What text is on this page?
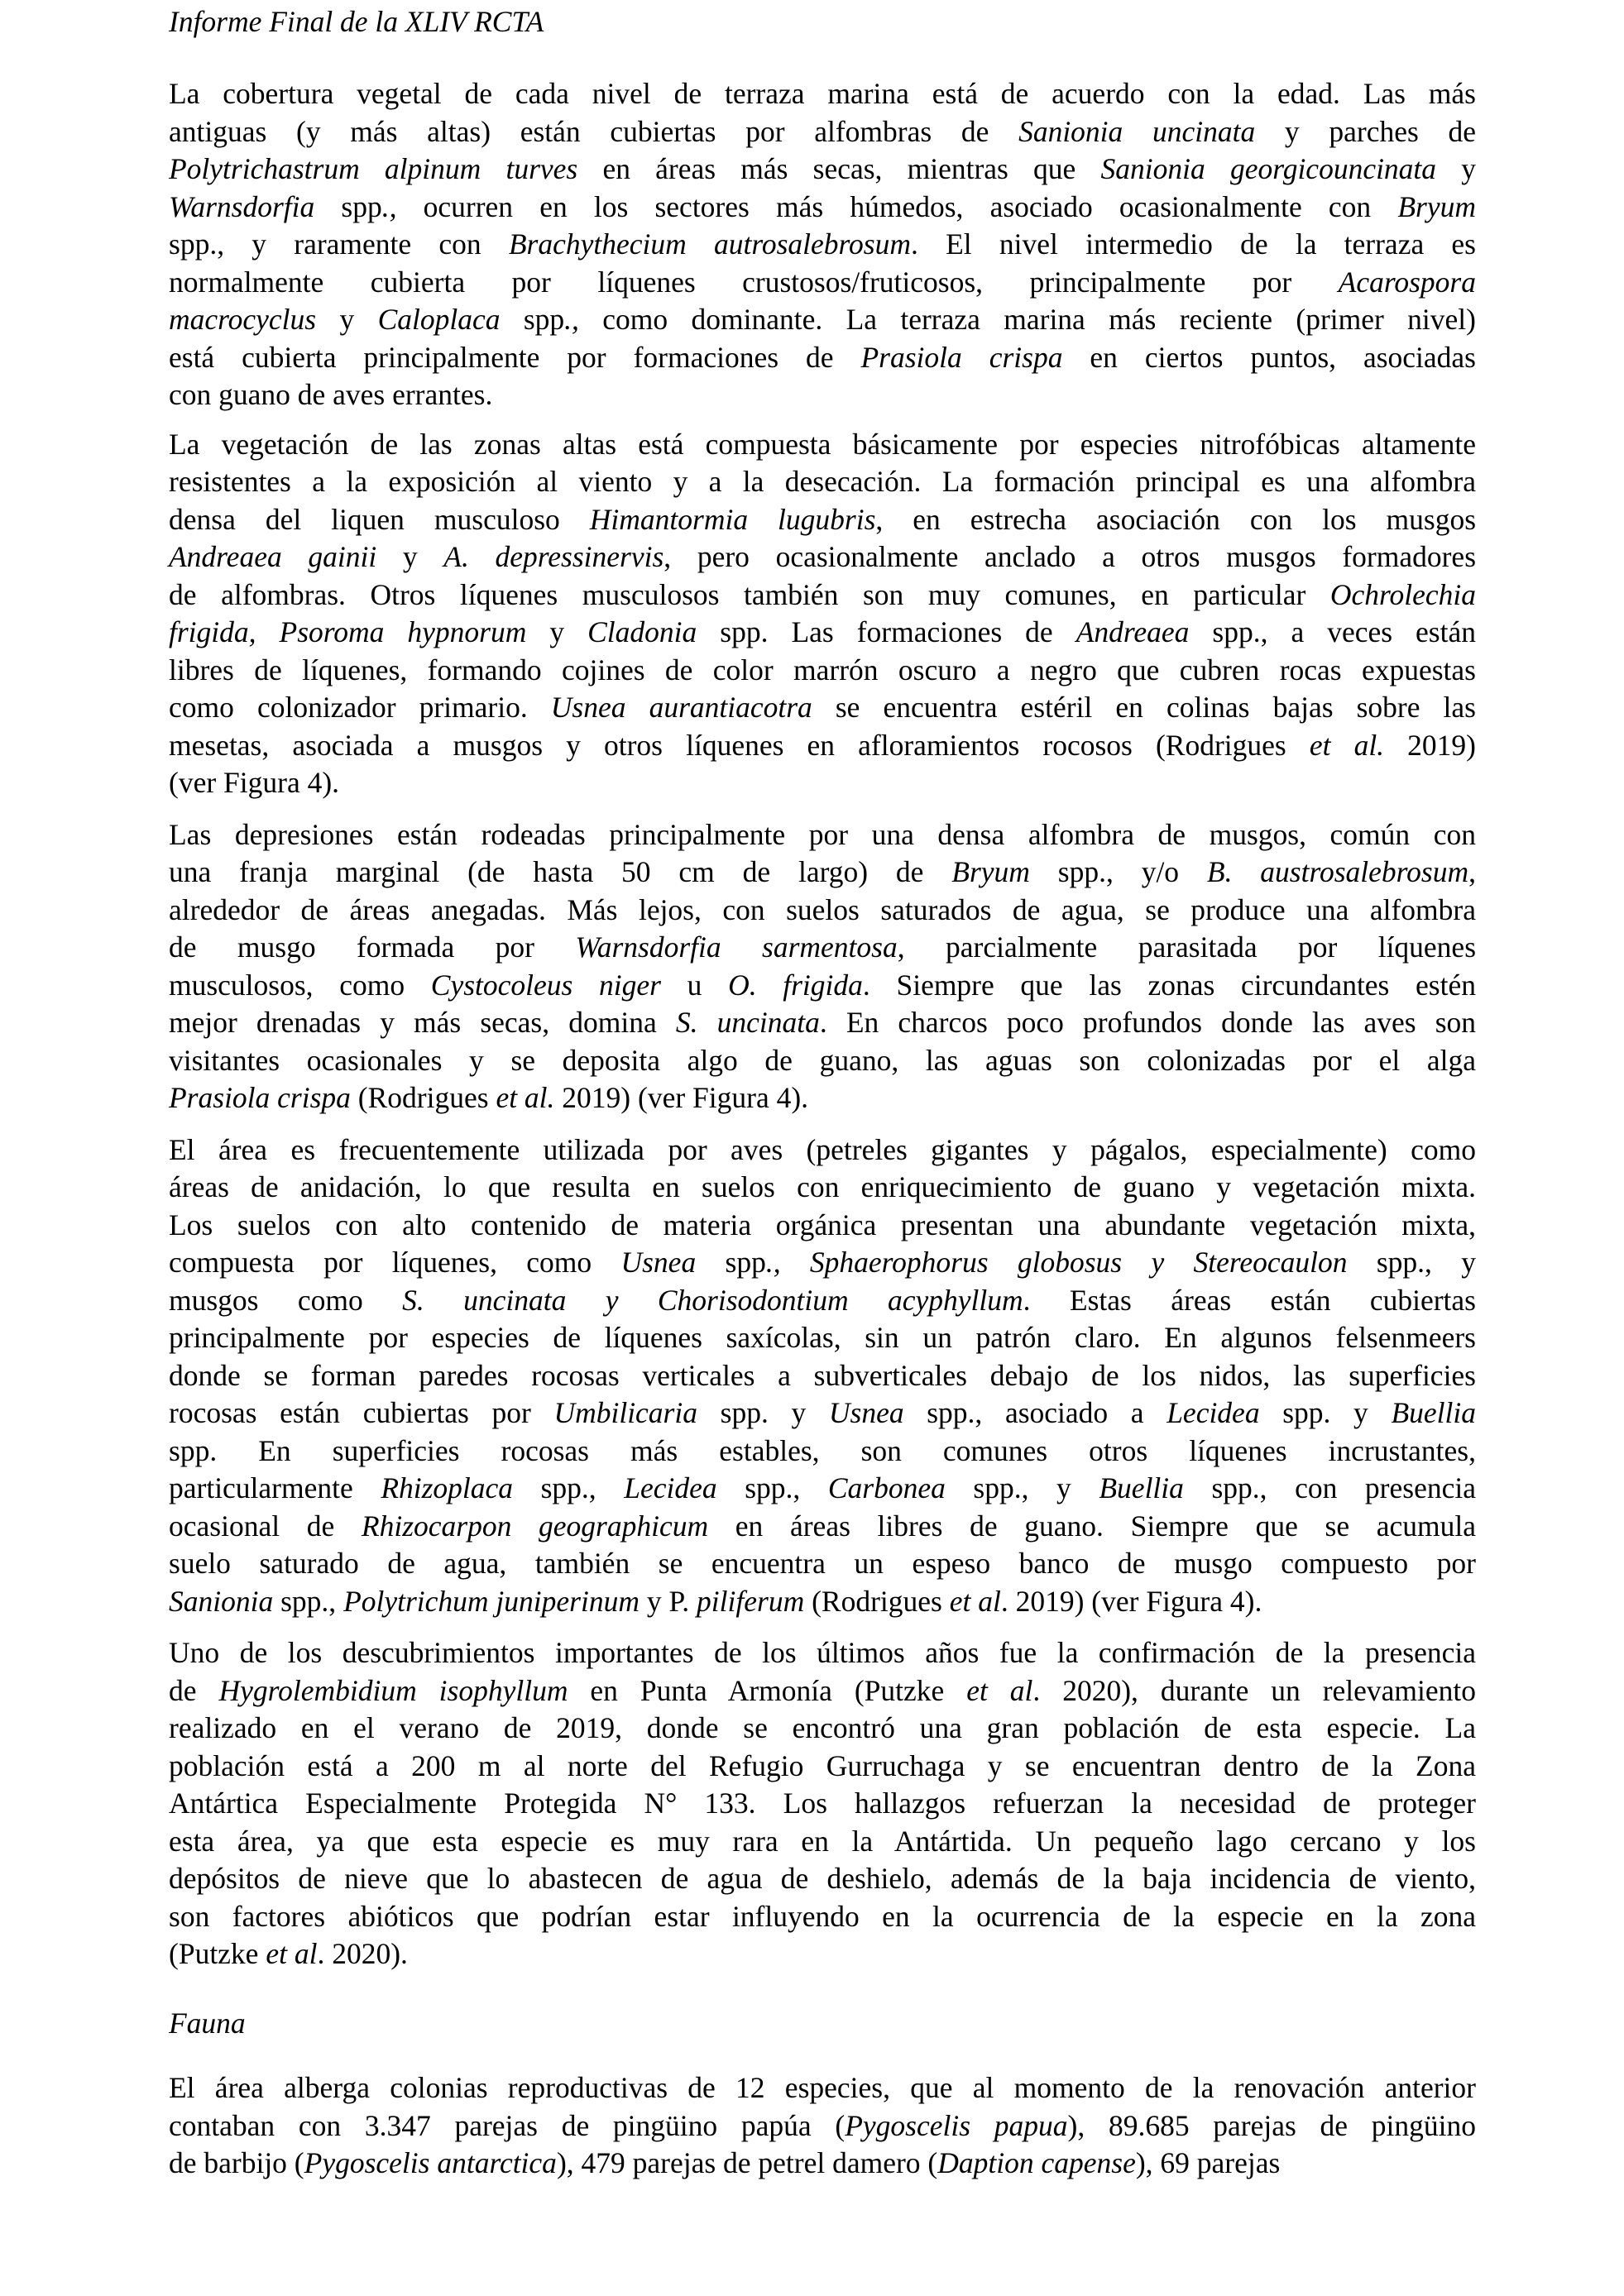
Informe Final de la XLIV RCTA

La cobertura vegetal de cada nivel de terraza marina está de acuerdo con la edad. Las más
antiguas (y más altas) están cubiertas por alfombras de Sanionia uncinata y parches de
Polytrichastrum alpinum turves en áreas más secas, mientras que Sanionia georgicouncinata y
Warnsdorfia spp., ocurren en los sectores más húmedos, asociado ocasionalmente con Bryum
spp., y raramente con Brachythecium autrosalebrosum. El nivel intermedio de la terraza es
normalmente cubierta por líquenes crustosos/fruticosos, principalmente por Acarospora
macrocyclus y Caloplaca spp., como dominante. La terraza marina más reciente (primer nivel)
está cubierta principalmente por formaciones de Prasiola crispa en ciertos puntos, asociadas
con guano de aves errantes.

La vegetación de las zonas altas está compuesta básicamente por especies nitrofóbicas altamente
resistentes a la exposición al viento y a la desecación. La formación principal es una alfombra
densa del liquen musculoso Himantormia lugubris, en estrecha asociación con los musgos
Andreaea gainii y A. depressinervis, pero ocasionalmente anclado a otros musgos formadores
de alfombras. Otros líquenes musculosos también son muy comunes, en particular Ochrolechia
frigida, Psoroma hypnorum y Cladonia spp. Las formaciones de Andreaea spp., a veces están
libres de líquenes, formando cojines de color marrón oscuro a negro que cubren rocas expuestas
como colonizador primario. Usnea aurantiacotra se encuentra estéril en colinas bajas sobre las
mesetas, asociada a musgos y otros líquenes en afloramientos rocosos (Rodrigues et al. 2019)
(ver Figura 4).

Las depresiones están rodeadas principalmente por una densa alfombra de musgos, común con
una franja marginal (de hasta 50 cm de largo) de Bryum spp., y/o B. austrosalebrosum,
alrededor de áreas anegadas. Más lejos, con suelos saturados de agua, se produce una alfombra
de musgo formada por Warnsdorfia sarmentosa, parcialmente parasitada por líquenes
musculosos, como Cystocoleus niger u O. frigida. Siempre que las zonas circundantes estén
mejor drenadas y más secas, domina S. uncinata. En charcos poco profundos donde las aves son
visitantes ocasionales y se deposita algo de guano, las aguas son colonizadas por el alga
Prasiola crispa (Rodrigues et al. 2019) (ver Figura 4).

El área es frecuentemente utilizada por aves (petreles gigantes y págalos, especialmente) como
áreas de anidación, lo que resulta en suelos con enriquecimiento de guano y vegetación mixta.
Los suelos con alto contenido de materia orgánica presentan una abundante vegetación mixta,
compuesta por líquenes, como Usnea spp., Sphaerophorus globosus y Stereocaulon spp., y
musgos como S. uncinata y Chorisodontium acyphyllum. Estas áreas están cubiertas
principalmente por especies de líquenes saxícolas, sin un patrón claro. En algunos felsenmeers
donde se forman paredes rocosas verticales a subverticales debajo de los nidos, las superficies
rocosas están cubiertas por Umbilicaria spp. y Usnea spp., asociado a Lecidea spp. y Buellia
spp. En superficies rocosas más estables, son comunes otros líquenes incrustantes,
particularmente Rhizoplaca spp., Lecidea spp., Carbonea spp., y Buellia spp., con presencia
ocasional de Rhizocarpon geographicum en áreas libres de guano. Siempre que se acumula
suelo saturado de agua, también se encuentra un espeso banco de musgo compuesto por
Sanionia spp., Polytrichum juniperinum y P. piliferum (Rodrigues et al. 2019) (ver Figura 4).

Uno de los descubrimientos importantes de los últimos años fue la confirmación de la presencia
de Hygrolembidium isophyllum en Punta Armonía (Putzke et al. 2020), durante un relevamiento
realizado en el verano de 2019, donde se encontró una gran población de esta especie. La
población está a 200 m al norte del Refugio Gurruchaga y se encuentran dentro de la Zona
Antártica Especialmente Protegida N° 133. Los hallazgos refuerzan la necesidad de proteger
esta área, ya que esta especie es muy rara en la Antártida. Un pequeño lago cercano y los
depósitos de nieve que lo abastecen de agua de deshielo, además de la baja incidencia de viento,
son factores abióticos que podrían estar influyendo en la ocurrencia de la especie en la zona
(Putzke et al. 2020).

Fauna

El área alberga colonias reproductivas de 12 especies, que al momento de la renovación anterior
contaban con 3.347 parejas de pingüino papúa (Pygoscelis papua), 89.685 parejas de pingüino
de barbijo (Pygoscelis antarctica), 479 parejas de petrel damero (Daption capense), 69 parejas
